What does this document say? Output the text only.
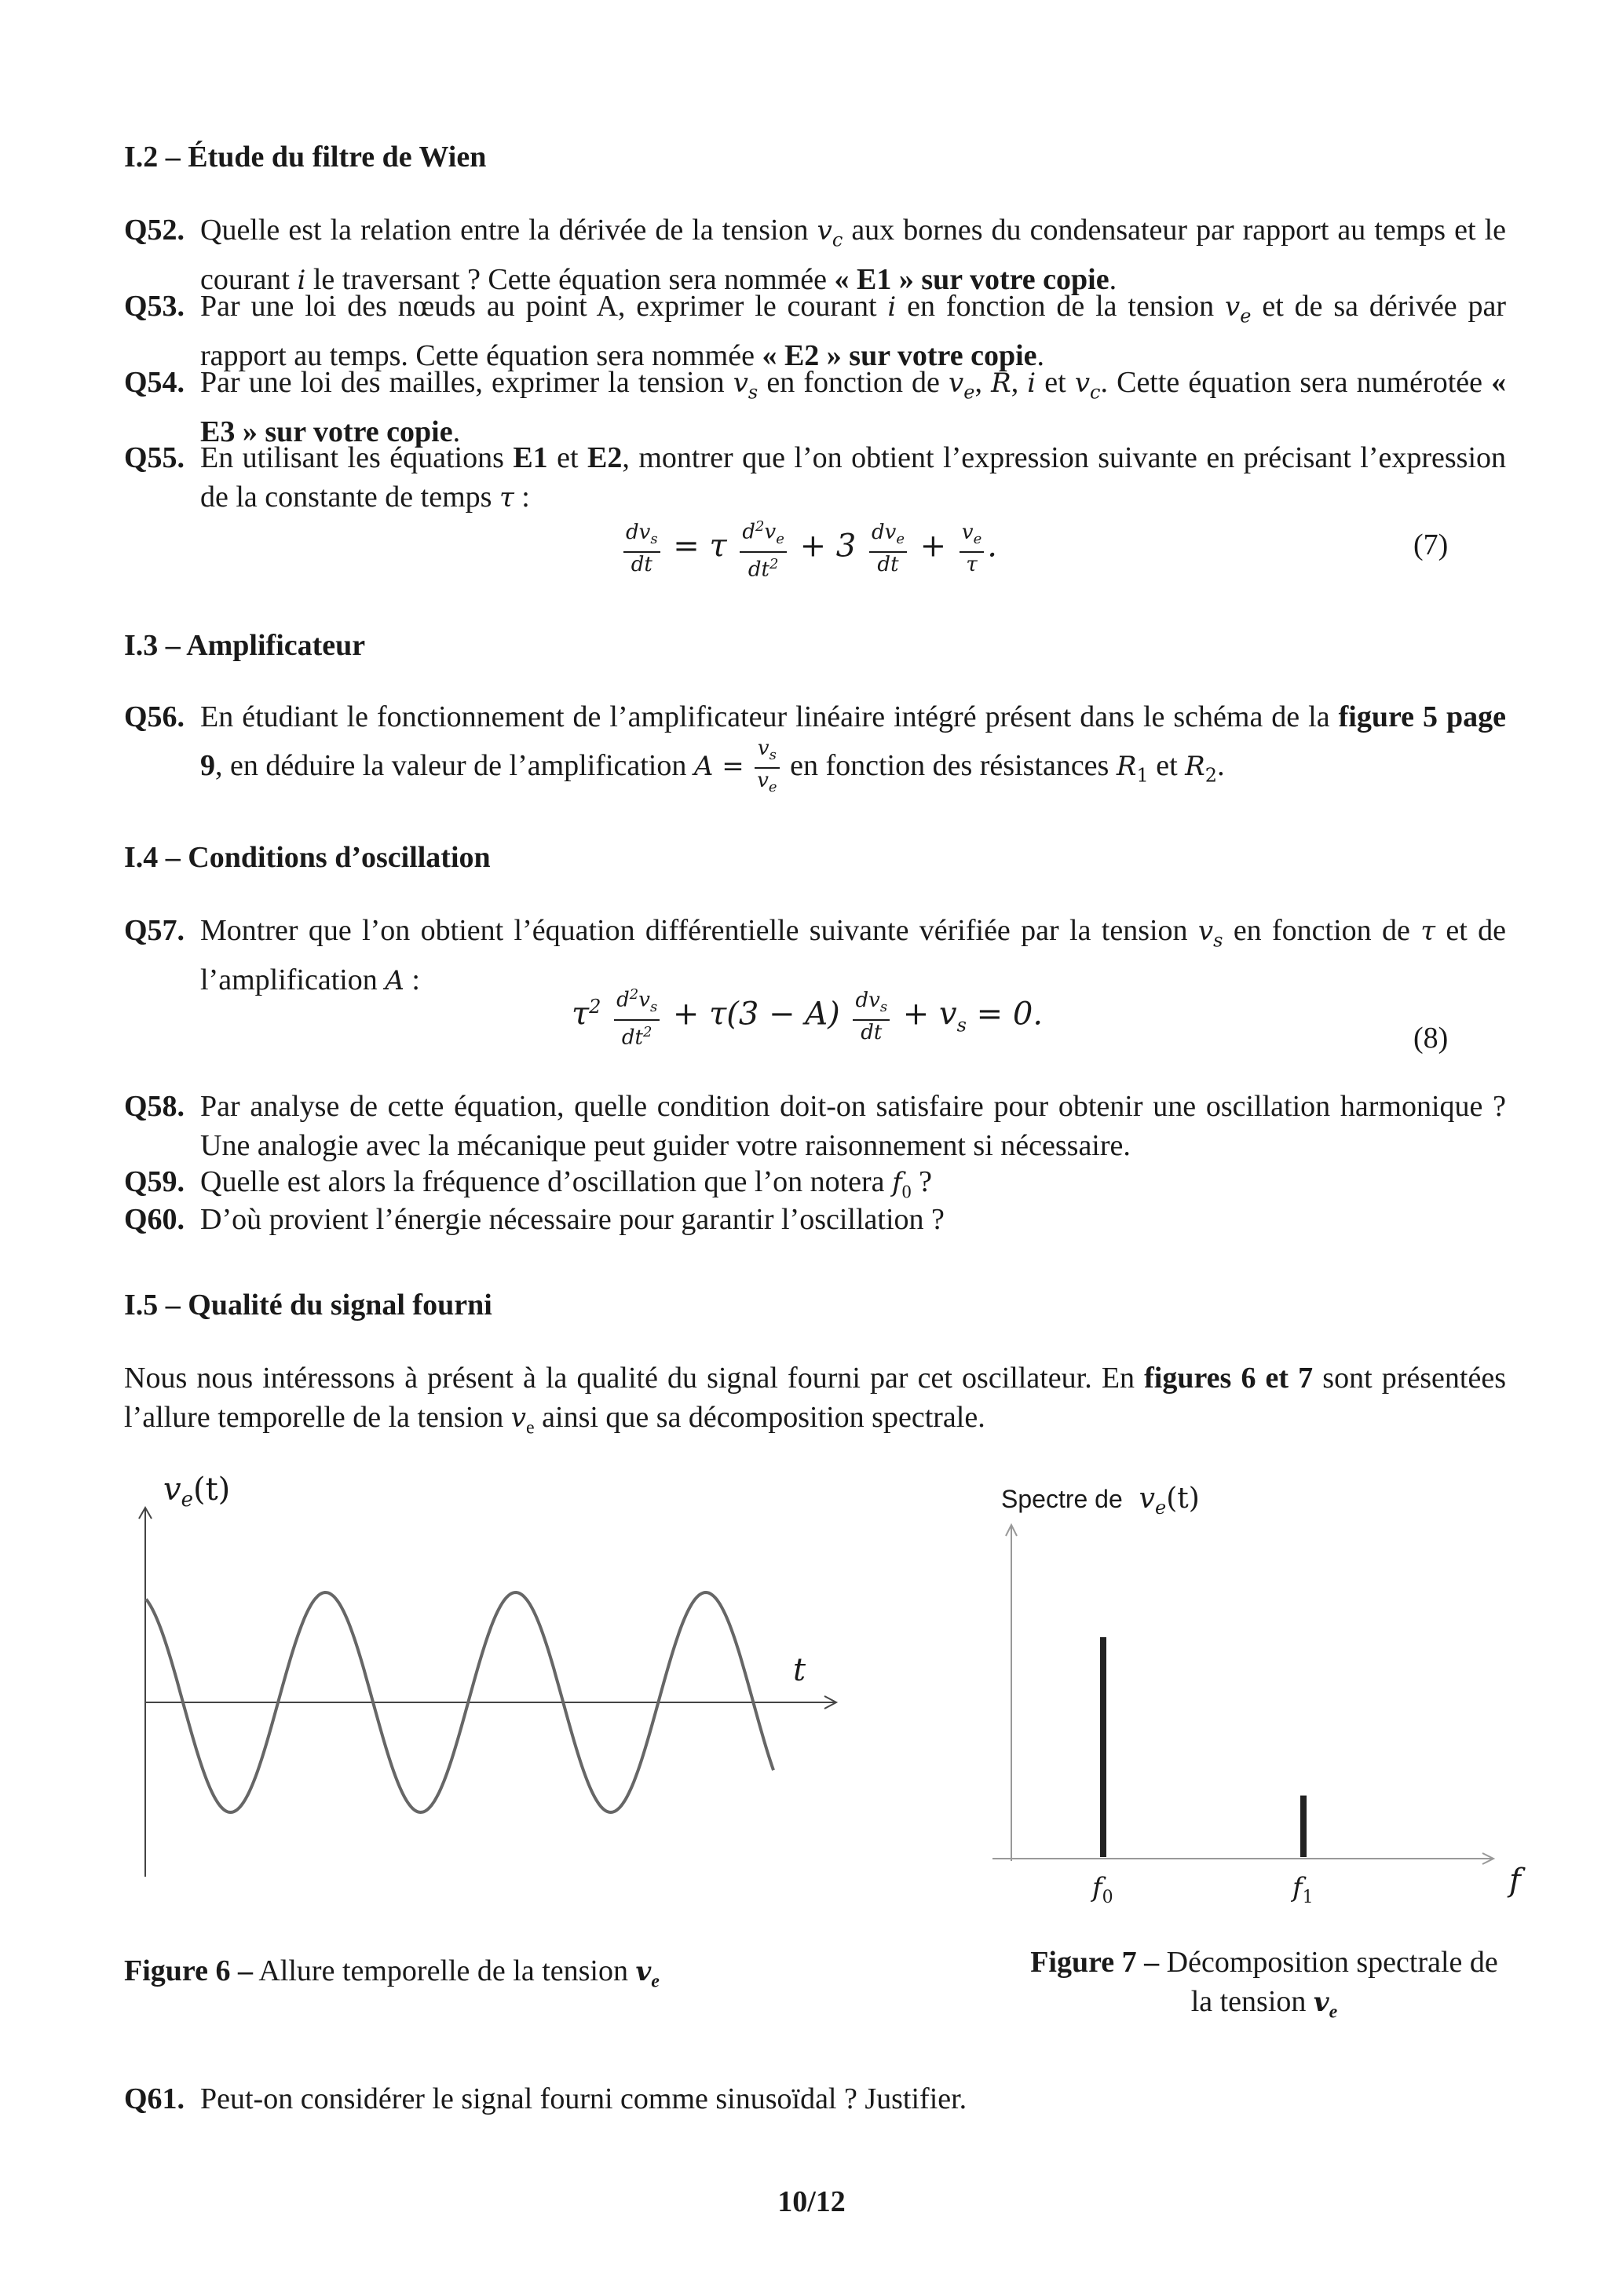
I.2 – Étude du filtre de Wien
Q52. Quelle est la relation entre la dérivée de la tension $v_c$ aux bornes du condensateur par rapport au temps et le courant i le traversant ? Cette équation sera nommée « E1 » sur votre copie.
Q53. Par une loi des nœuds au point A, exprimer le courant i en fonction de la tension $v_e$ et de sa dérivée par rapport au temps. Cette équation sera nommée « E2 » sur votre copie.
Q54. Par une loi des mailles, exprimer la tension $v_s$ en fonction de $v_e$, R, i et $v_c$. Cette équation sera numérotée « E3 » sur votre copie.
Q55. En utilisant les équations E1 et E2, montrer que l’on obtient l’expression suivante en précisant l’expression de la constante de temps τ :
$\frac{dv_s}{dt} = \tau \frac{d^2v_e}{dt^2} + 3 \frac{dv_e}{dt} + \frac{v_e}{\tau}$ .	(7)
I.3 – Amplificateur
Q56. En étudiant le fonctionnement de l’amplificateur linéaire intégré présent dans le schéma de la figure 5 page 9, en déduire la valeur de l’amplification $A = \frac{v_s}{v_e}$ en fonction des résistances $R_1$ et $R_2$.
I.4 – Conditions d’oscillation
Q57. Montrer que l’on obtient l’équation différentielle suivante vérifiée par la tension $v_s$ en fonction de τ et de l’amplification A :
$\tau^2 \frac{d^2v_s}{dt^2} + \tau(3 - A) \frac{dv_s}{dt} + v_s = 0$.
(8)
Q58. Par analyse de cette équation, quelle condition doit-on satisfaire pour obtenir une oscillation harmonique ? Une analogie avec la mécanique peut guider votre raisonnement si nécessaire.
Q59. Quelle est alors la fréquence d’oscillation que l’on notera $f_0$ ?
Q60. D’où provient l’énergie nécessaire pour garantir l’oscillation ?
I.5 – Qualité du signal fourni
Nous nous intéressons à présent à la qualité du signal fourni par cet oscillateur. En figures 6 et 7 sont présentées l’allure temporelle de la tension $v_e$ ainsi que sa décomposition spectrale.
$v_e(t)$
t
Figure 6 – Allure temporelle de la tension $v_e$
Spectre de $v_e(t)$
$f_0$	$f_1$	f
Figure 7 – Décomposition spectrale de
la tension $v_e$
Q61. Peut-on considérer le signal fourni comme sinusoïdal ? Justifier.
10/12
